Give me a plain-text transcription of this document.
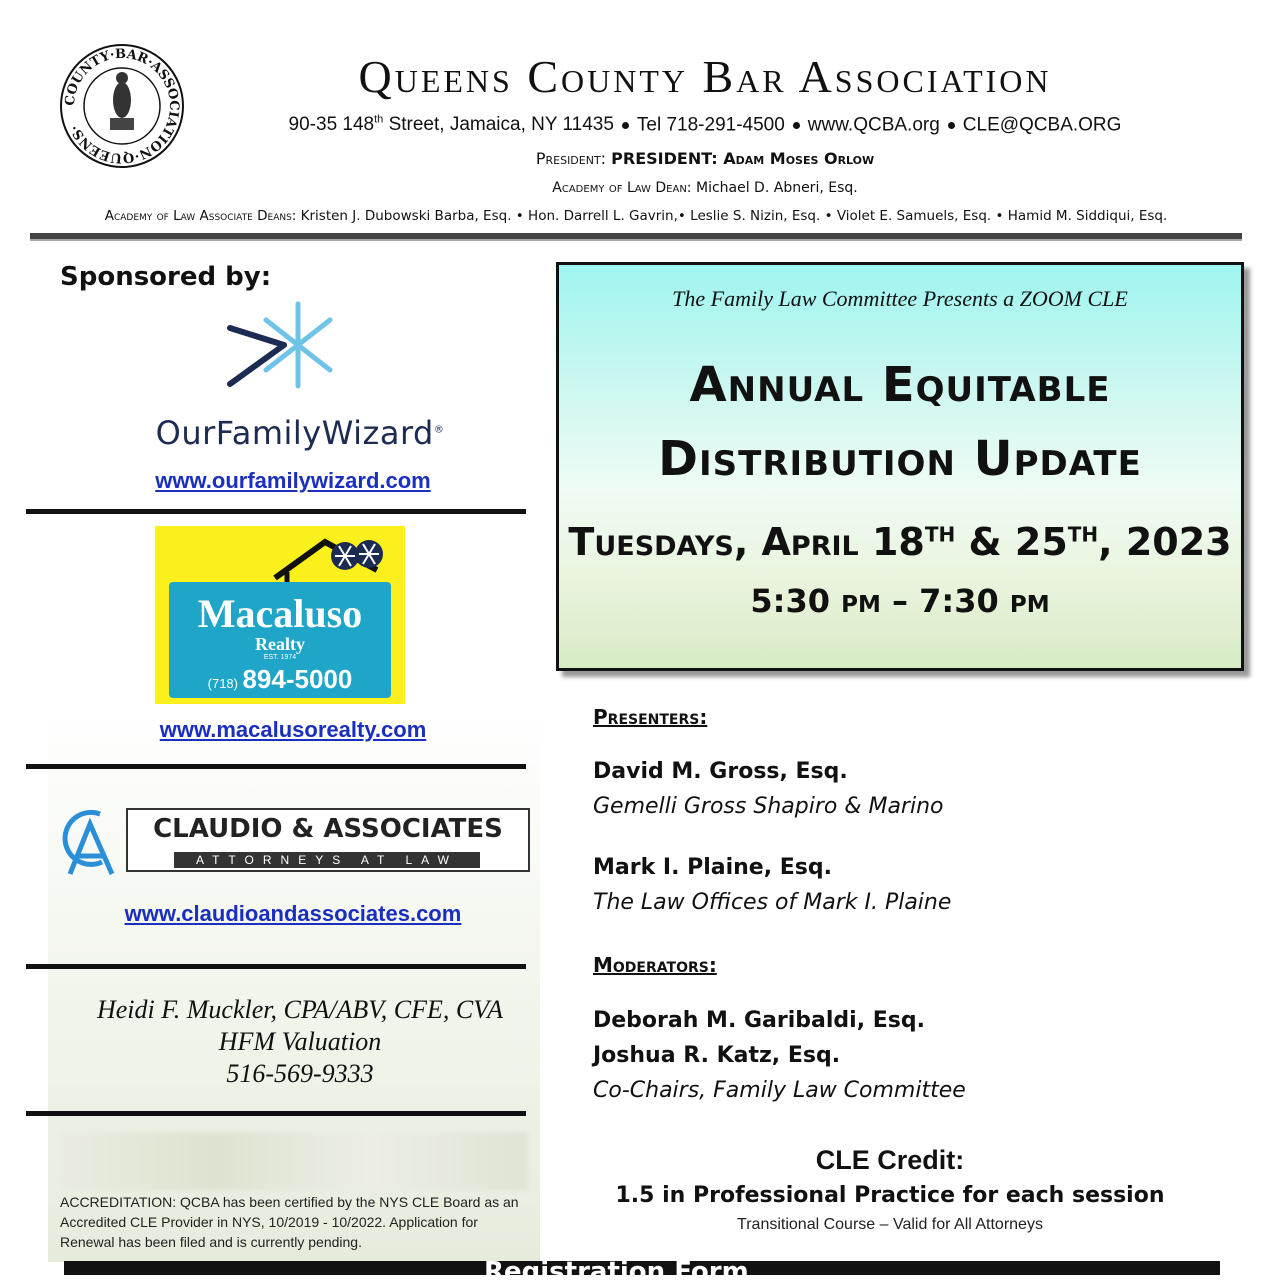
COUNTY·BAR·ASSOCIATION·QUEENS·
Queens County Bar Association
90-35 148th Street, Jamaica, NY 11435 Tel 718-291-4500 www.QCBA.org CLE@QCBA.ORG
President: PRESIDENT: Adam Moses Orlow
Academy of Law Dean: Michael D. Abneri, Esq.
Academy of Law Associate Deans: Kristen J. Dubowski Barba, Esq. • Hon. Darrell L. Gavrin,• Leslie S. Nizin, Esq. • Violet E. Samuels, Esq. • Hamid M. Siddiqui, Esq.
Sponsored by:
OurFamilyWizard®
www.ourfamilywizard.com
Macaluso
Realty
EST. 1974
(718) 894-5000
www.macalusorealty.com
CLAUDIO & ASSOCIATES
ATTORNEYS AT LAW
www.claudioandassociates.com
Heidi F. Muckler, CPA/ABV, CFE, CVA
HFM Valuation
516-569-9333
ACCREDITATION: QCBA has been certified by the NYS CLE Board as an Accredited CLE Provider in NYS, 10/2019 - 10/2022. Application for Renewal has been filed and is currently pending.
The Family Law Committee Presents a ZOOM CLE
Annual Equitable
Distribution Update
Tuesdays, April 18TH & 25TH, 2023
5:30 PM – 7:30 PM
Presenters:
David M. Gross, Esq.
Gemelli Gross Shapiro & Marino
Mark I. Plaine, Esq.
The Law Offices of Mark I. Plaine
Moderators:
Deborah M. Garibaldi, Esq.
Joshua R. Katz, Esq.
Co-Chairs, Family Law Committee
CLE Credit:
1.5 in Professional Practice for each session
Transitional Course – Valid for All Attorneys
Registration Form
